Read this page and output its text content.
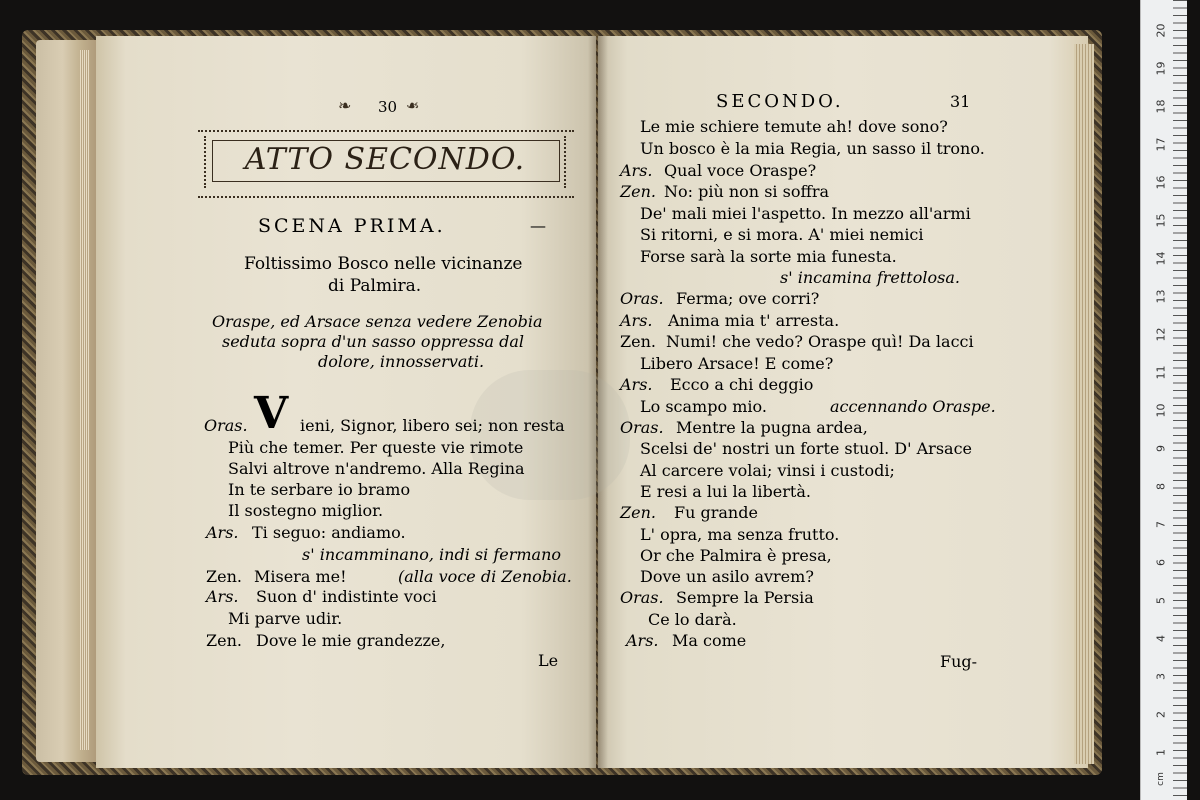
❧ 30 ❧
ATTO SECONDO.
SCENA PRIMA.	—
Foltissimo Bosco nelle vicinanze
di Palmira.
Oraspe, ed Arsace senza vedere Zenobia
seduta sopra d'un sasso oppressa dal
dolore, innosservati.
Oras. V ieni, Signor, libero sei; non resta
Più che temer. Per queste vie rimote
Salvi altrove n'andremo. Alla Regina
In te serbare io bramo
Il sostegno miglior.
Ars. Ti seguo: andiamo.
s' incamminano, indi si fermano
Zen. Misera me!	(alla voce di Zenobia.
Ars. Suon d' indistinte voci
Mi parve udir.
Zen. Dove le mie grandezze,
Le
SECONDO.	31
Le mie schiere temute ah! dove sono?
Un bosco è la mia Regia, un sasso il trono.
Ars. Qual voce Oraspe?
Zen. No: più non si soffra
De' mali miei l'aspetto. In mezzo all'armi
Si ritorni, e si mora. A' miei nemici
Forse sarà la sorte mia funesta.
s' incamina frettolosa.
Oras. Ferma; ove corri?
Ars. Anima mia t' arresta.
Zen. Numi! che vedo? Oraspe quì! Da lacci
Libero Arsace! E come?
Ars. Ecco a chi deggio
Lo scampo mio.	accennando Oraspe.
Oras. Mentre la pugna ardea,
Scelsi de' nostri un forte stuol. D' Arsace
Al carcere volai; vinsi i custodi;
E resi a lui la libertà.
Zen. Fu grande
L' opra, ma senza frutto.
Or che Palmira è presa,
Dove un asilo avrem?
Oras. Sempre la Persia
Ce lo darà.
Ars. Ma come
Fug-
20
19
18
17
16
15
14
13
12
11
10
9
8
7
6
5
4
3
2
1
cm
